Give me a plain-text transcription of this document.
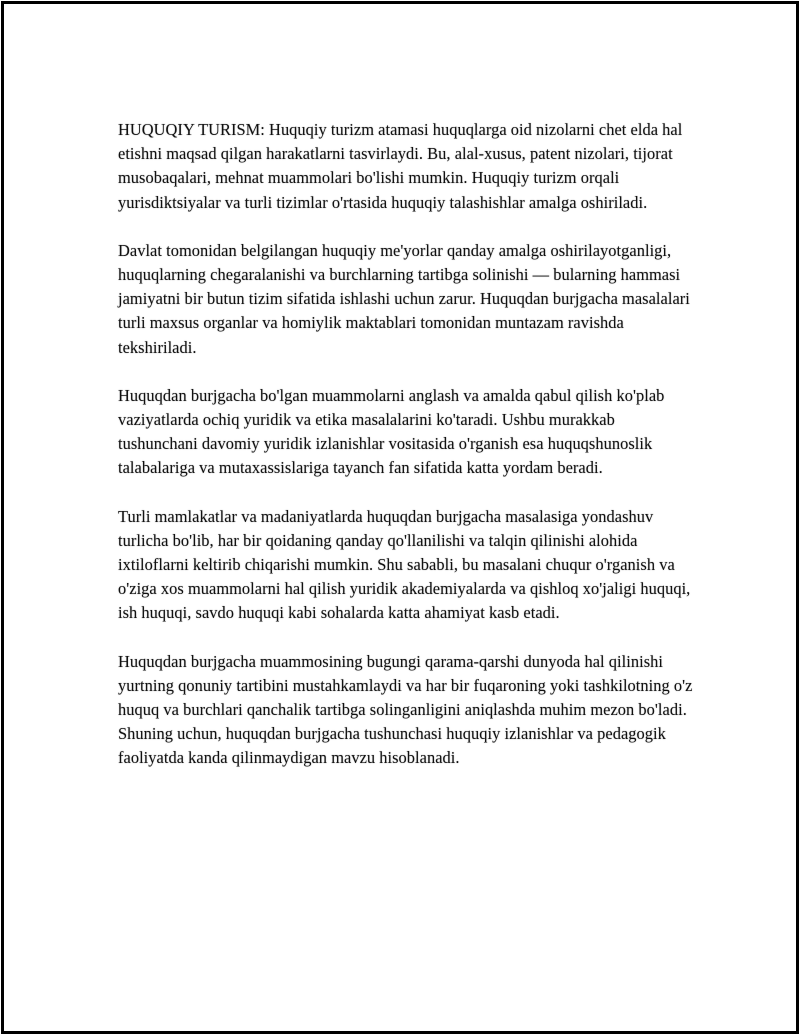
HUQUQIY TURISM: Huquqiy turizm atamasi huquqlarga oid nizolarni chet elda hal etishni maqsad qilgan harakatlarni tasvirlaydi. Bu, alal-xusus, patent nizolari, tijorat musobaqalari, mehnat muammolari bo'lishi mumkin. Huquqiy turizm orqali yurisdiktsiyalar va turli tizimlar o'rtasida huquqiy talashishlar amalga oshiriladi.

Davlat tomonidan belgilangan huquqiy me'yorlar qanday amalga oshirilayotganligi, huquqlarning chegaralanishi va burchlarning tartibga solinishi — bularning hammasi jamiyatni bir butun tizim sifatida ishlashi uchun zarur. Huquqdan burjgacha masalalari turli maxsus organlar va homiylik maktablari tomonidan muntazam ravishda tekshiriladi.

Huquqdan burjgacha bo'lgan muammolarni anglash va amalda qabul qilish ko'plab vaziyatlarda ochiq yuridik va etika masalalarini ko'taradi. Ushbu murakkab tushunchani davomiy yuridik izlanishlar vositasida o'rganish esa huquqshunoslik talabalariga va mutaxassislariga tayanch fan sifatida katta yordam beradi.

Turli mamlakatlar va madaniyatlarda huquqdan burjgacha masalasiga yondashuv turlicha bo'lib, har bir qoidaning qanday qo'llanilishi va talqin qilinishi alohida ixtiloflarni keltirib chiqarishi mumkin. Shu sababli, bu masalani chuqur o'rganish va o'ziga xos muammolarni hal qilish yuridik akademiyalarda va qishloq xo'jaligi huquqi, ish huquqi, savdo huquqi kabi sohalarda katta ahamiyat kasb etadi.

Huquqdan burjgacha muammosining bugungi qarama-qarshi dunyoda hal qilinishi yurtning qonuniy tartibini mustahkamlaydi va har bir fuqaroning yoki tashkilotning o'z huquq va burchlari qanchalik tartibga solinganligini aniqlashda muhim mezon bo'ladi. Shuning uchun, huquqdan burjgacha tushunchasi huquqiy izlanishlar va pedagogik faoliyatda kanda qilinmaydigan mavzu hisoblanadi.
